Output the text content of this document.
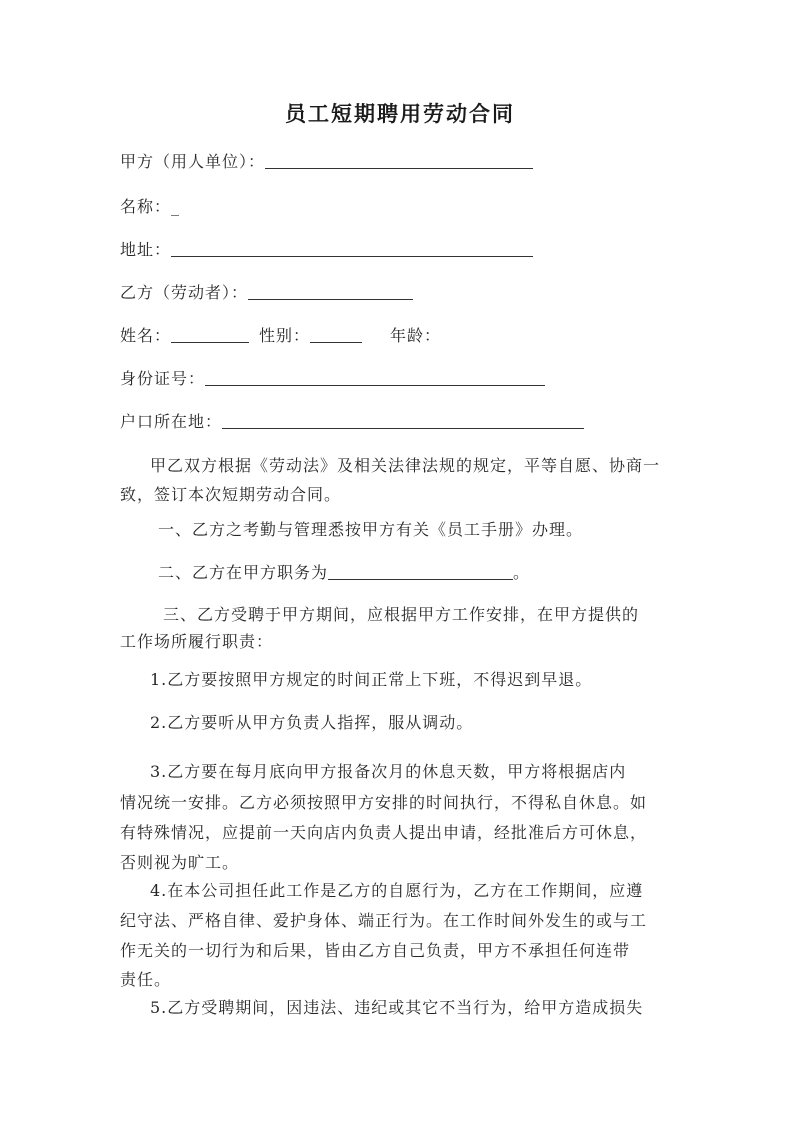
员工短期聘用劳动合同
甲方（用人单位）：
名称：_
地址：
乙方（劳动者）：
姓名：	性别：	年龄：
身份证号：
户口所在地：
甲乙双方根据《劳动法》及相关法律法规的规定，平等自愿、协商一
致，签订本次短期劳动合同。
一、乙方之考勤与管理悉按甲方有关《员工手册》办理。
二、乙方在甲方职务为	。
三、乙方受聘于甲方期间，应根据甲方工作安排，在甲方提供的
工作场所履行职责：
1.乙方要按照甲方规定的时间正常上下班，不得迟到早退。
2.乙方要听从甲方负责人指挥，服从调动。
3.乙方要在每月底向甲方报备次月的休息天数，甲方将根据店内
情况统一安排。乙方必须按照甲方安排的时间执行，不得私自休息。如
有特殊情况，应提前一天向店内负责人提出申请，经批准后方可休息，
否则视为旷工。
4.在本公司担任此工作是乙方的自愿行为，乙方在工作期间，应遵
纪守法、严格自律、爱护身体、端正行为。在工作时间外发生的或与工
作无关的一切行为和后果，皆由乙方自己负责，甲方不承担任何连带
责任。
5.乙方受聘期间，因违法、违纪或其它不当行为，给甲方造成损失
